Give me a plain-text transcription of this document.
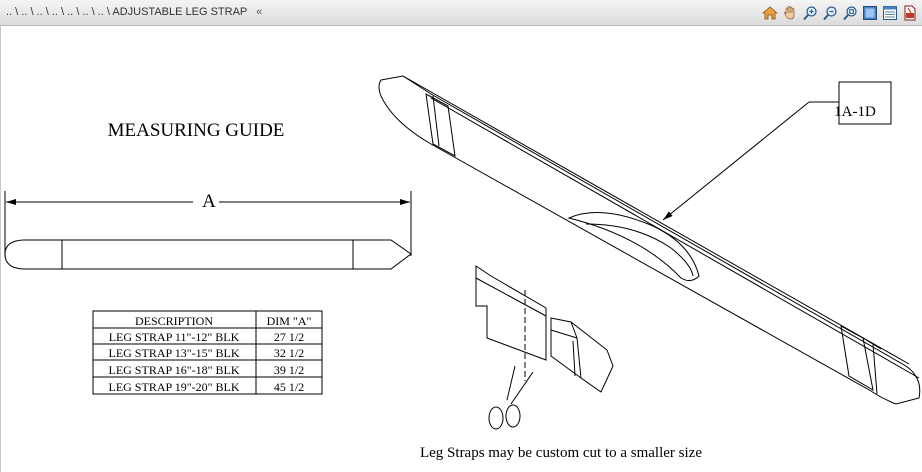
.. \ .. \ .. \ .. \ .. \ .. \ .. \ ADJUSTABLE LEG STRAP «
MEASURING GUIDE
A
DESCRIPTION	DIM "A"
LEG STRAP 11"-12" BLK	27 1/2
LEG STRAP 13"-15" BLK	32 1/2
LEG STRAP 16"-18" BLK	39 1/2
LEG STRAP 19"-20" BLK	45 1/2
1A-1D
Leg Straps may be custom cut to a smaller size
